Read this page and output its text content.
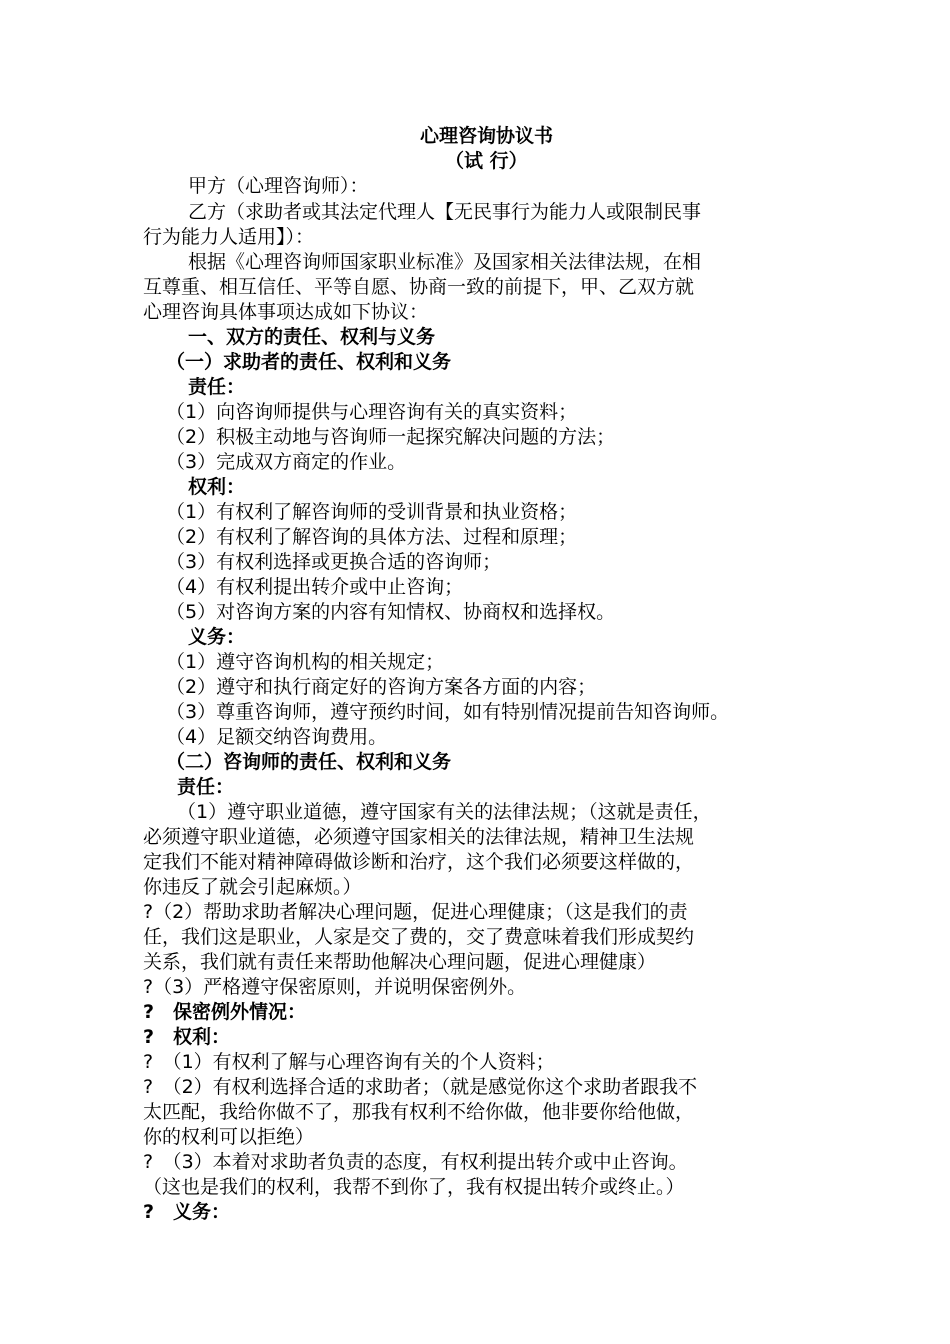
心理咨询协议书
（试 行）
甲方（心理咨询师）：
乙方（求助者或其法定代理人【无民事行为能力人或限制民事
行为能力人适用】）：
根据《心理咨询师国家职业标准》及国家相关法律法规，在相
互尊重、相互信任、平等自愿、协商一致的前提下，甲、乙双方就
心理咨询具体事项达成如下协议：
一、双方的责任、权利与义务
（一）求助者的责任、权利和义务
责任：
（1）向咨询师提供与心理咨询有关的真实资料；
（2）积极主动地与咨询师一起探究解决问题的方法；
（3）完成双方商定的作业。
权利：
（1）有权利了解咨询师的受训背景和执业资格；
（2）有权利了解咨询的具体方法、过程和原理；
（3）有权利选择或更换合适的咨询师；
（4）有权利提出转介或中止咨询；
（5）对咨询方案的内容有知情权、协商权和选择权。
义务：
（1）遵守咨询机构的相关规定；
（2）遵守和执行商定好的咨询方案各方面的内容；
（3）尊重咨询师，遵守预约时间，如有特别情况提前告知咨询师。
（4）足额交纳咨询费用。
（二）咨询师的责任、权利和义务
责任：
（1）遵守职业道德，遵守国家有关的法律法规；（这就是责任，
必须遵守职业道德，必须遵守国家相关的法律法规，精神卫生法规
定我们不能对精神障碍做诊断和治疗，这个我们必须要这样做的，
你违反了就会引起麻烦。）
?（2）帮助求助者解决心理问题，促进心理健康；（这是我们的责
任，我们这是职业，人家是交了费的，交了费意味着我们形成契约
关系，我们就有责任来帮助他解决心理问题，促进心理健康）
?（3）严格遵守保密原则，并说明保密例外。
?　保密例外情况：
?　权利：
?　（1）有权利了解与心理咨询有关的个人资料；
?　（2）有权利选择合适的求助者；（就是感觉你这个求助者跟我不
太匹配，我给你做不了，那我有权利不给你做，他非要你给他做，
你的权利可以拒绝）
?　（3）本着对求助者负责的态度，有权利提出转介或中止咨询。
（这也是我们的权利，我帮不到你了，我有权提出转介或终止。）
?　义务：
